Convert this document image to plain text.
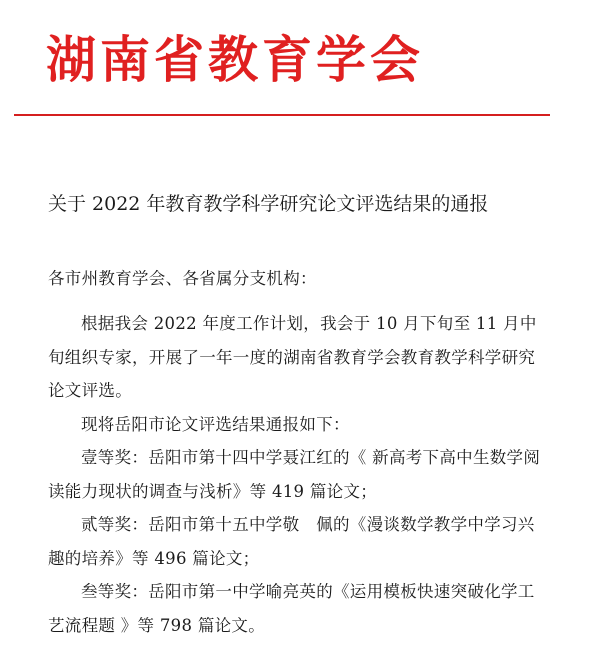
湖南省教育学会
关于 2022 年教育教学科学研究论文评选结果的通报
各市州教育学会、各省属分支机构：

根据我会 2022 年度工作计划，我会于 10 月下旬至 11 月中旬组织专家，开展了一年一度的湖南省教育学会教育教学科学研究论文评选。

现将岳阳市论文评选结果通报如下：

壹等奖：岳阳市第十四中学聂江红的《 新高考下高中生数学阅读能力现状的调查与浅析》等 419 篇论文；

贰等奖：岳阳市第十五中学敬　佩的《漫谈数学教学中学习兴趣的培养》等 496 篇论文；

叁等奖：岳阳市第一中学喻亮英的《运用模板快速突破化学工艺流程题 》等 798 篇论文。
